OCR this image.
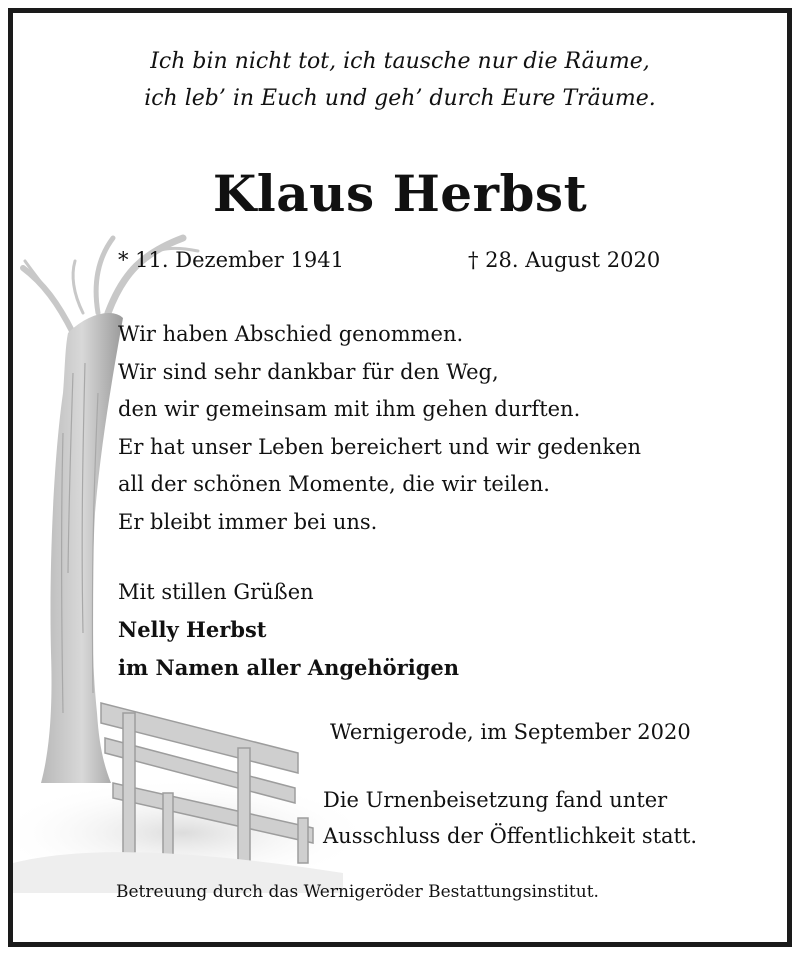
Ich bin nicht tot, ich tausche nur die Räume,
ich leb’ in Euch und geh’ durch Eure Träume.
Klaus Herbst
* 11. Dezember 1941	† 28. August 2020
Wir haben Abschied genommen.
Wir sind sehr dankbar für den Weg,
den wir gemeinsam mit ihm gehen durften.
Er hat unser Leben bereichert und wir gedenken
all der schönen Momente, die wir teilen.
Er bleibt immer bei uns.
Mit stillen Grüßen
Nelly Herbst
im Namen aller Angehörigen
Wernigerode, im September 2020
Die Urnenbeisetzung fand unter
Ausschluss der Öffentlichkeit statt.
Betreuung durch das Wernigeröder Bestattungsinstitut.
